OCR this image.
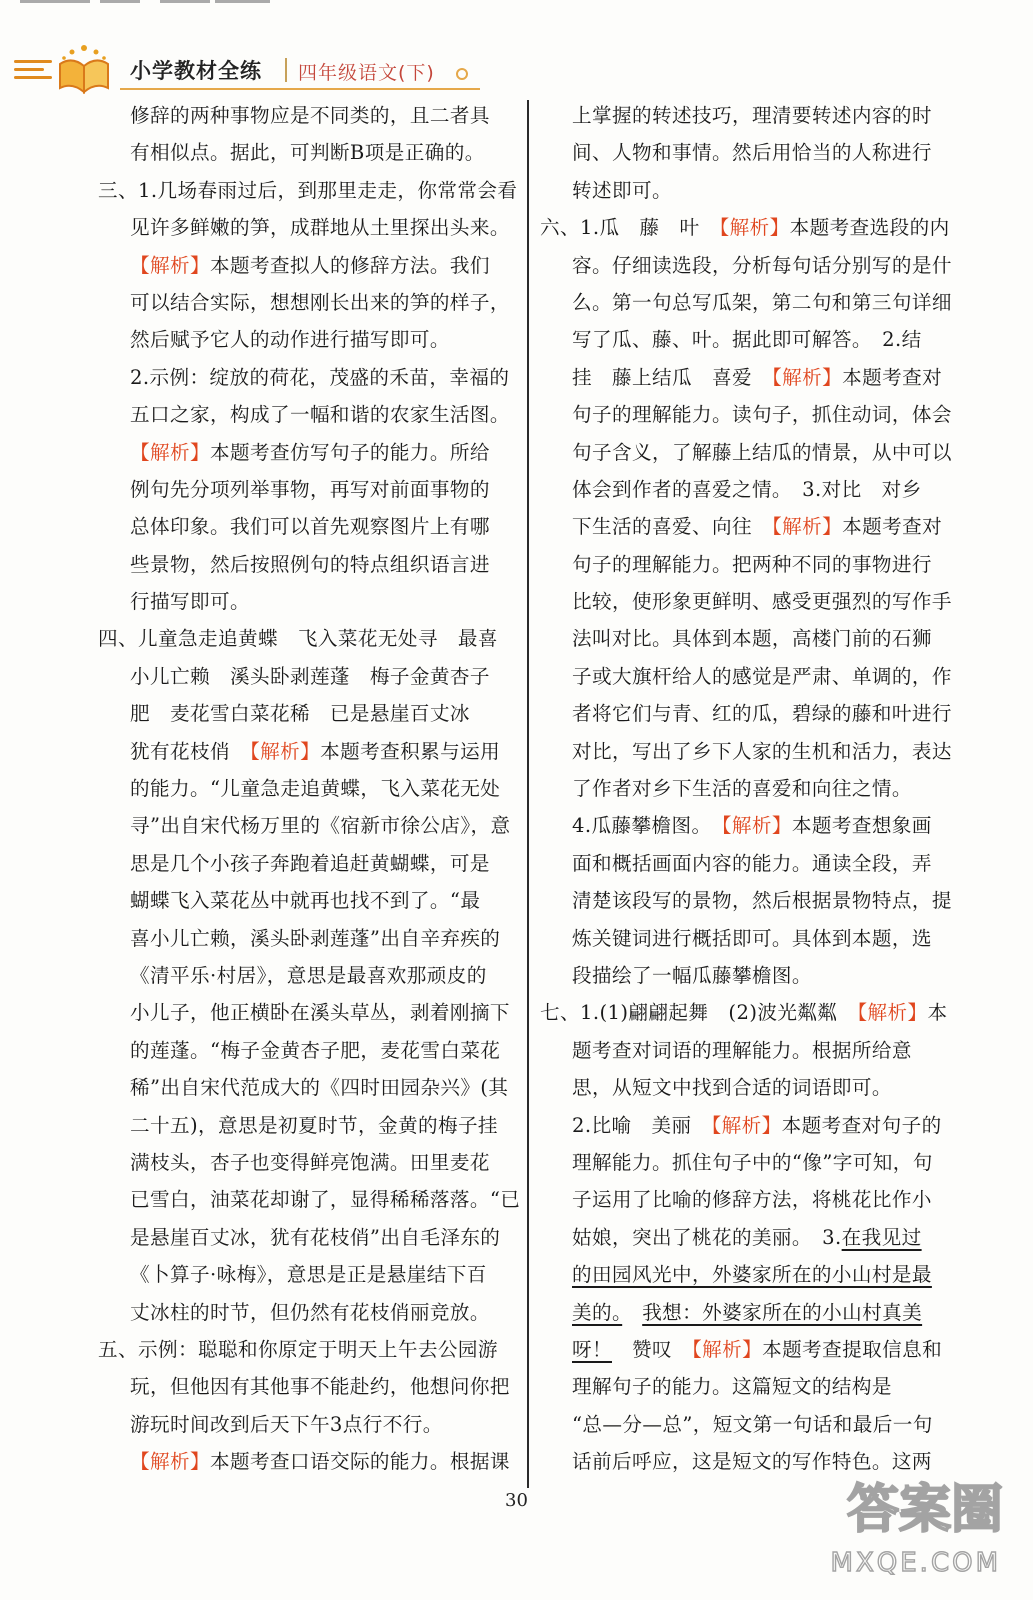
小学教材全练 四年级语文(下)
修辞的两种事物应是不同类的，且二者具
有相似点。据此，可判断B项是正确的。
三、1.几场春雨过后，到那里走走，你常常会看
见许多鲜嫩的笋，成群地从土里探出头来。
【解析】本题考查拟人的修辞方法。我们
可以结合实际，想想刚长出来的笋的样子，
然后赋予它人的动作进行描写即可。
2.示例：绽放的荷花，茂盛的禾苗，幸福的
五口之家，构成了一幅和谐的农家生活图。
【解析】本题考查仿写句子的能力。所给
例句先分项列举事物，再写对前面事物的
总体印象。我们可以首先观察图片上有哪
些景物，然后按照例句的特点组织语言进
行描写即可。
四、儿童急走追黄蝶　飞入菜花无处寻　最喜
小儿亡赖　溪头卧剥莲蓬　梅子金黄杏子
肥　麦花雪白菜花稀　已是悬崖百丈冰
犹有花枝俏　【解析】本题考查积累与运用
的能力。“儿童急走追黄蝶，飞入菜花无处
寻”出自宋代杨万里的《宿新市徐公店》，意
思是几个小孩子奔跑着追赶黄蝴蝶，可是
蝴蝶飞入菜花丛中就再也找不到了。“最
喜小儿亡赖，溪头卧剥莲蓬”出自辛弃疾的
《清平乐·村居》，意思是最喜欢那顽皮的
小儿子，他正横卧在溪头草丛，剥着刚摘下
的莲蓬。“梅子金黄杏子肥，麦花雪白菜花
稀”出自宋代范成大的《四时田园杂兴》(其
二十五)，意思是初夏时节，金黄的梅子挂
满枝头，杏子也变得鲜亮饱满。田里麦花
已雪白，油菜花却谢了，显得稀稀落落。“已
是悬崖百丈冰，犹有花枝俏”出自毛泽东的
《卜算子·咏梅》，意思是正是悬崖结下百
丈冰柱的时节，但仍然有花枝俏丽竞放。
五、示例：聪聪和你原定于明天上午去公园游
玩，但他因有其他事不能赴约，他想问你把
游玩时间改到后天下午3点行不行。
【解析】本题考查口语交际的能力。根据课
上掌握的转述技巧，理清要转述内容的时
间、人物和事情。然后用恰当的人称进行
转述即可。
六、1.瓜　藤　叶　【解析】本题考查选段的内
容。仔细读选段，分析每句话分别写的是什
么。第一句总写瓜架，第二句和第三句详细
写了瓜、藤、叶。据此即可解答。　2.结
挂　藤上结瓜　喜爱　【解析】本题考查对
句子的理解能力。读句子，抓住动词，体会
句子含义，了解藤上结瓜的情景，从中可以
体会到作者的喜爱之情。　3.对比　对乡
下生活的喜爱、向往　【解析】本题考查对
句子的理解能力。把两种不同的事物进行
比较，使形象更鲜明、感受更强烈的写作手
法叫对比。具体到本题，高楼门前的石狮
子或大旗杆给人的感觉是严肃、单调的，作
者将它们与青、红的瓜，碧绿的藤和叶进行
对比，写出了乡下人家的生机和活力，表达
了作者对乡下生活的喜爱和向往之情。
4.瓜藤攀檐图。　【解析】本题考查想象画
面和概括画面内容的能力。通读全段，弄
清楚该段写的景物，然后根据景物特点，提
炼关键词进行概括即可。具体到本题，选
段描绘了一幅瓜藤攀檐图。
七、1.(1)翩翩起舞　(2)波光粼粼　【解析】本
题考查对词语的理解能力。根据所给意
思，从短文中找到合适的词语即可。
2.比喻　美丽　【解析】本题考查对句子的
理解能力。抓住句子中的“像”字可知，句
子运用了比喻的修辞方法，将桃花比作小
姑娘，突出了桃花的美丽。　3.在我见过
的田园风光中，外婆家所在的小山村是最
美的。　 我想：外婆家所在的小山村真美
呀！　赞叹　【解析】本题考查提取信息和
理解句子的能力。这篇短文的结构是
“总—分—总”，短文第一句话和最后一句
话前后呼应，这是短文的写作特色。这两
30	答案圈
MXQE.COM
